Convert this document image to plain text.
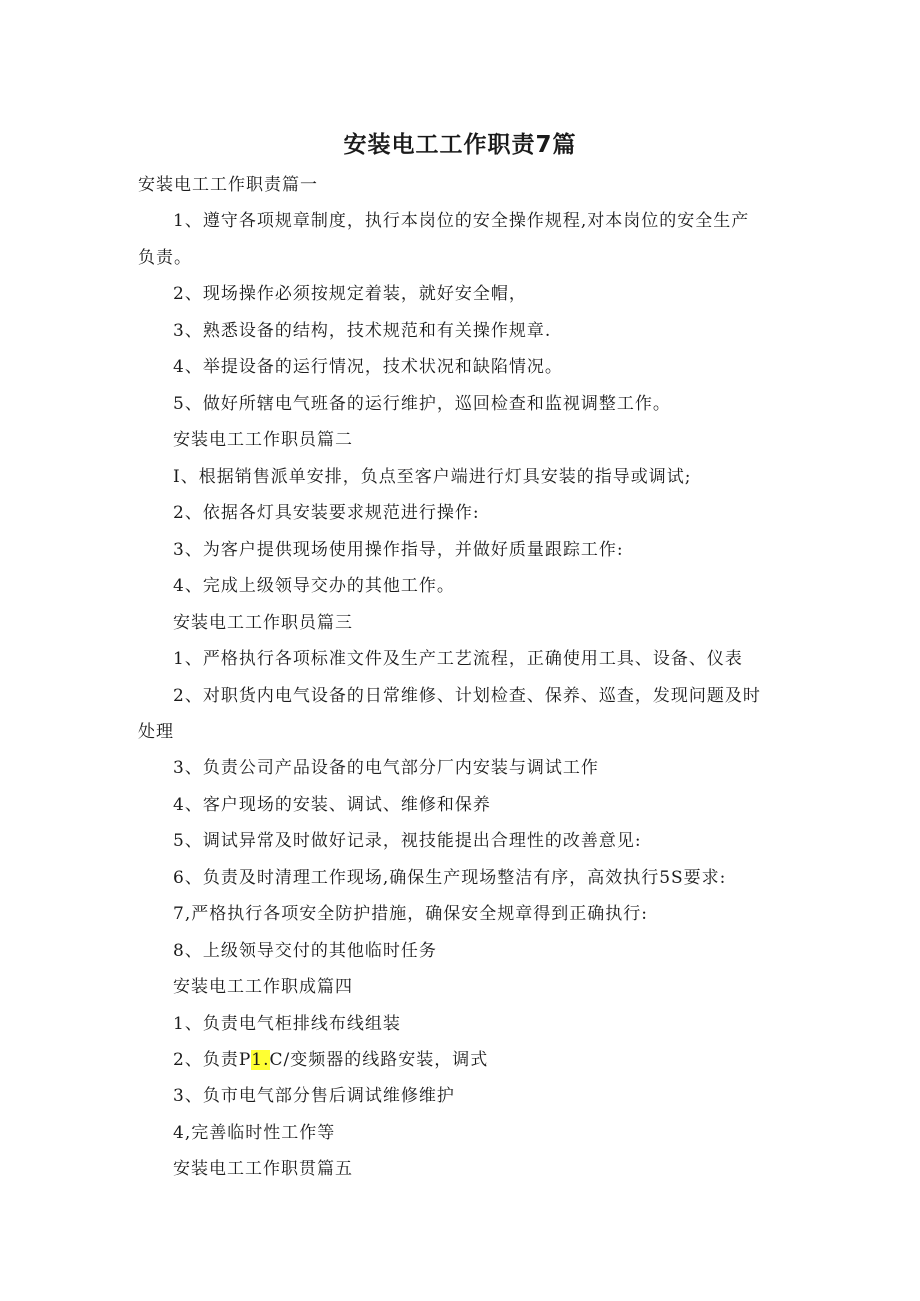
安装电工工作职责7篇
安装电工工作职责篇一
1、遵守各项规章制度，执行本岗位的安全操作规程,对本岗位的安全生产
负责。
2、现场操作必须按规定着装，就好安全帽，
3、熟悉设备的结构，技术规范和有关操作规章.
4、举提设备的运行情况，技术状况和缺陷情况。
5、做好所辖电气班备的运行维护，巡回检查和监视调整工作。
安装电工工作职员篇二
I、根据销售派单安排，负点至客户端进行灯具安装的指导或调试;
2、依据各灯具安装要求规范进行操作:
3、为客户提供现场使用操作指导，并做好质量跟踪工作:
4、完成上级领导交办的其他工作。
安装电工工作职员篇三
1、严格执行各项标准文件及生产工艺流程，正确使用工具、设备、仪表
2、对职货内电气设备的日常维修、计划检查、保养、巡查，发现问题及时
处理
3、负责公司产品设备的电气部分厂内安装与调试工作
4、客户现场的安装、调试、维修和保养
5、调试异常及时做好记录，视技能提出合理性的改善意见:
6、负责及时清理工作现场,确保生产现场整洁有序，高效执行5S要求:
7,严格执行各项安全防护措施，确保安全规章得到正确执行:
8、上级领导交付的其他临时任务
安装电工工作职成篇四
1、负责电气柜排线布线组装
2、负责P1.C/变频器的线路安装，调式
3、负市电气部分售后调试维修维护
4,完善临时性工作等
安装电工工作职贯篇五
